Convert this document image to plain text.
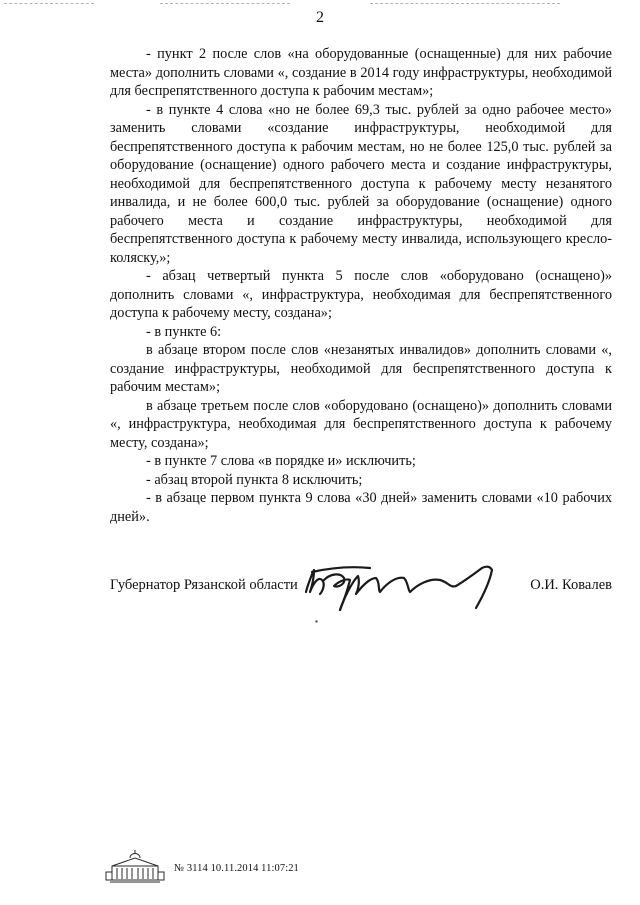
2

- пункт 2 после слов «на оборудованные (оснащенные) для них рабочие места» дополнить словами «, создание в 2014 году инфраструктуры, необходимой для беспрепятственного доступа к рабочим местам»;

- в пункте 4 слова «но не более 69,3 тыс. рублей за одно рабочее место» заменить словами «создание инфраструктуры, необходимой для беспрепятственного доступа к рабочим местам, но не более 125,0 тыс. рублей за оборудование (оснащение) одного рабочего места и создание инфраструктуры, необходимой для беспрепятственного доступа к рабочему месту незанятого инвалида, и не более 600,0 тыс. рублей за оборудование (оснащение) одного рабочего места и создание инфраструктуры, необходимой для беспрепятственного доступа к рабочему месту инвалида, использующего кресло-коляску,»;

- абзац четвертый пункта 5 после слов «оборудовано (оснащено)» дополнить словами «, инфраструктура, необходимая для беспрепятственного доступа к рабочему месту, создана»;

- в пункте 6:

в абзаце втором после слов «незанятых инвалидов» дополнить словами «, создание инфраструктуры, необходимой для беспрепятственного доступа к рабочим местам»;

в абзаце третьем после слов «оборудовано (оснащено)» дополнить словами «, инфраструктура, необходимая для беспрепятственного доступа к рабочему месту, создана»;

- в пункте 7 слова «в порядке и» исключить;

- абзац второй пункта 8 исключить;

- в абзаце первом пункта 9 слова «30 дней» заменить словами «10 рабочих дней».

Губернатор Рязанской области	О.И. Ковалев
№ 3114 10.11.2014 11:07:21
